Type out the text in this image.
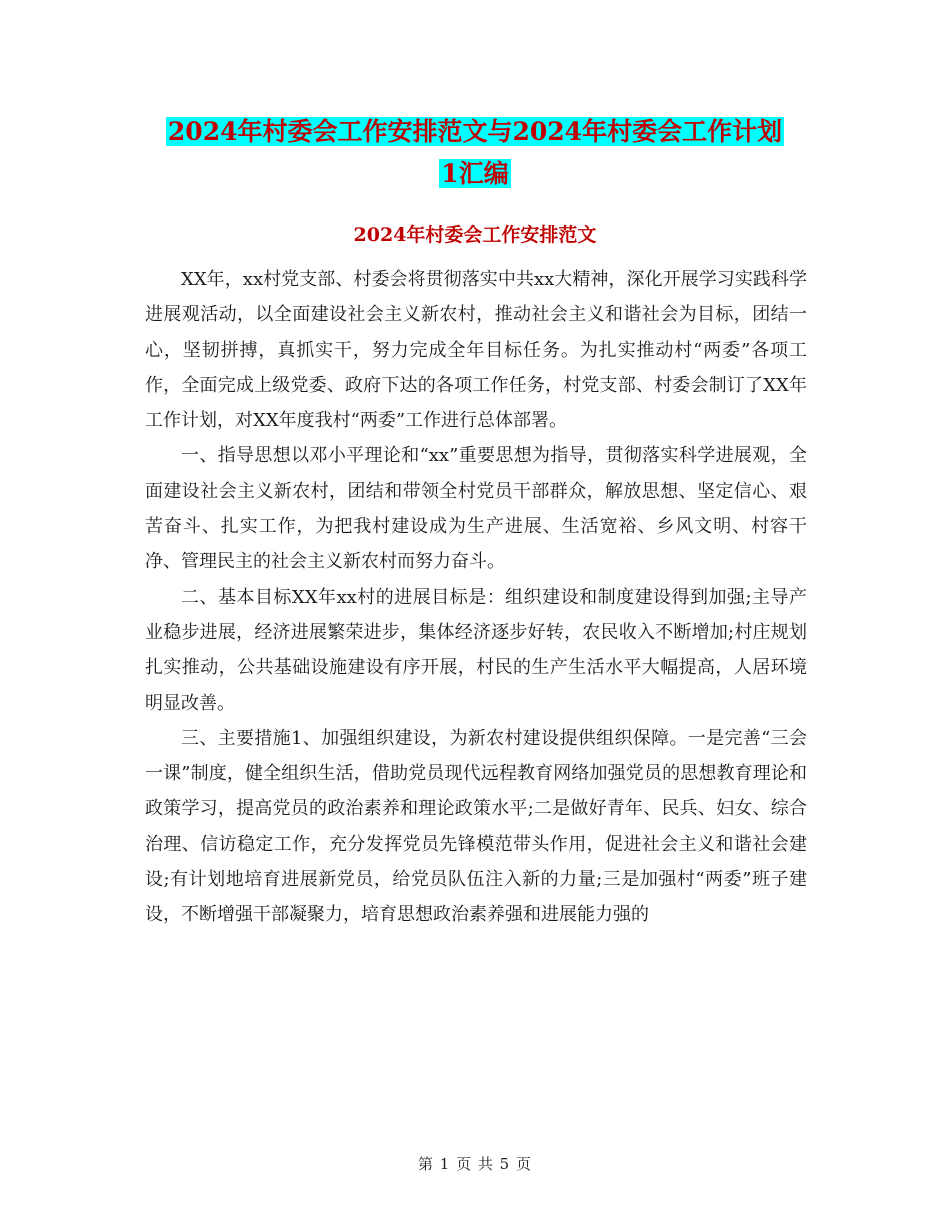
2024年村委会工作安排范文与2024年村委会工作计划
1汇编
2024年村委会工作安排范文

XX年，xx村党支部、村委会将贯彻落实中共xx大精神，深化开展学习实践科学进展观活动，以全面建设社会主义新农村，推动社会主义和谐社会为目标，团结一心，坚韧拼搏，真抓实干，努力完成全年目标任务。为扎实推动村“两委”各项工作，全面完成上级党委、政府下达的各项工作任务，村党支部、村委会制订了XX年工作计划，对XX年度我村“两委”工作进行总体部署。

一、指导思想以邓小平理论和“xx”重要思想为指导，贯彻落实科学进展观，全面建设社会主义新农村，团结和带领全村党员干部群众，解放思想、坚定信心、艰苦奋斗、扎实工作，为把我村建设成为生产进展、生活宽裕、乡风文明、村容干净、管理民主的社会主义新农村而努力奋斗。

二、基本目标XX年xx村的进展目标是：组织建设和制度建设得到加强;主导产业稳步进展，经济进展繁荣进步，集体经济逐步好转，农民收入不断增加;村庄规划扎实推动，公共基础设施建设有序开展，村民的生产生活水平大幅提高，人居环境明显改善。

三、主要措施1、加强组织建设，为新农村建设提供组织保障。一是完善“三会一课”制度，健全组织生活，借助党员现代远程教育网络加强党员的思想教育理论和政策学习，提高党员的政治素养和理论政策水平;二是做好青年、民兵、妇女、综合治理、信访稳定工作，充分发挥党员先锋模范带头作用，促进社会主义和谐社会建设;有计划地培育进展新党员，给党员队伍注入新的力量;三是加强村“两委”班子建设，不断增强干部凝聚力，培育思想政治素养强和进展能力强的

第 1 页 共 5 页
